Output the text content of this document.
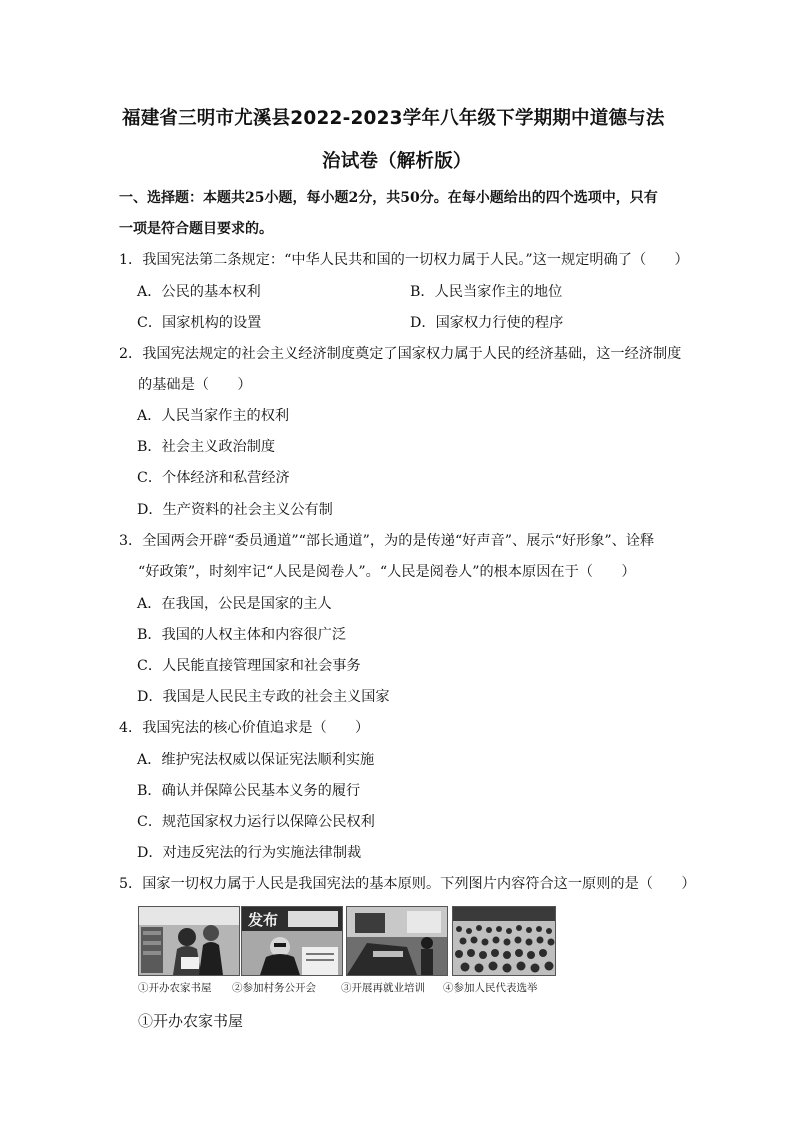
福建省三明市尤溪县2022-2023学年八年级下学期期中道德与法
治试卷（解析版）
一、选择题：本题共25小题，每小题2分，共50分。在每小题给出的四个选项中，只有
一项是符合题目要求的。
1．我国宪法第二条规定：“中华人民共和国的一切权力属于人民。”这一规定明确了（　　）
A．公民的基本权利	B．人民当家作主的地位
C．国家机构的设置	D．国家权力行使的程序
2．我国宪法规定的社会主义经济制度奠定了国家权力属于人民的经济基础，这一经济制度
的基础是（　　）
A．人民当家作主的权利
B．社会主义政治制度
C．个体经济和私营经济
D．生产资料的社会主义公有制
3．全国两会开辟“委员通道”“部长通道”，为的是传递“好声音”、展示“好形象”、诠释
“好政策”，时刻牢记“人民是阅卷人”。“人民是阅卷人”的根本原因在于（　　）
A．在我国，公民是国家的主人
B．我国的人权主体和内容很广泛
C．人民能直接管理国家和社会事务
D．我国是人民民主专政的社会主义国家
4．我国宪法的核心价值追求是（　　）
A．维护宪法权威以保证宪法顺利实施
B．确认并保障公民基本义务的履行
C．规范国家权力运行以保障公民权利
D．对违反宪法的行为实施法律制裁
5．国家一切权力属于人民是我国宪法的基本原则。下列图片内容符合这一原则的是（　　）
发布
①开办农家书屋 ②参加村务公开会 ③开展再就业培训 ④参加人民代表选举
①开办农家书屋
